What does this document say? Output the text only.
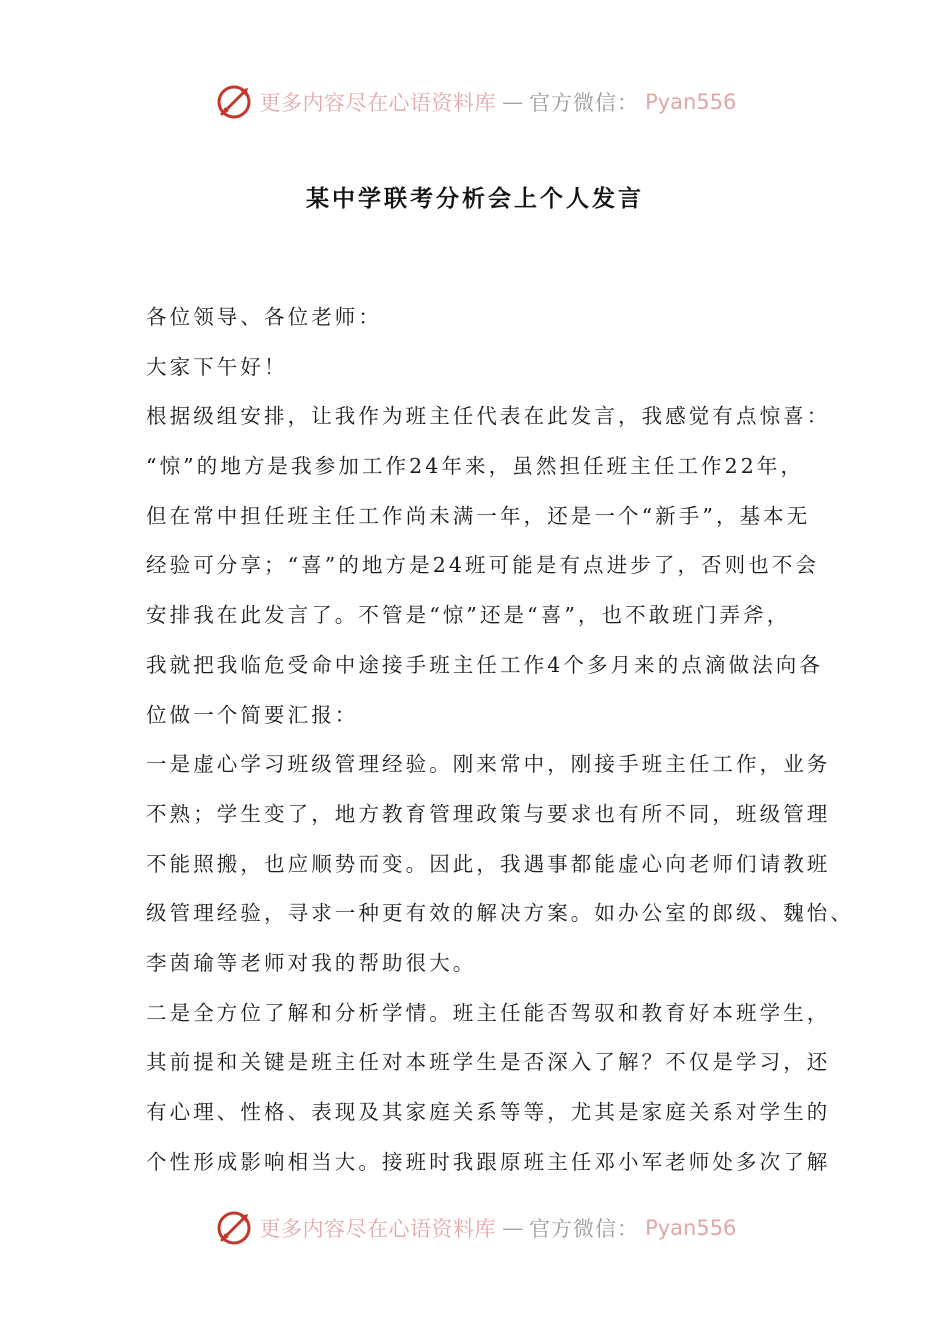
更多内容尽在心语资料库 — 官方微信： Pyan556
某中学联考分析会上个人发言
各位领导、各位老师：
大家下午好！
根据级组安排，让我作为班主任代表在此发言，我感觉有点惊喜：
“惊”的地方是我参加工作24年来，虽然担任班主任工作22年，
但在常中担任班主任工作尚未满一年，还是一个“新手”，基本无
经验可分享；“喜”的地方是24班可能是有点进步了，否则也不会
安排我在此发言了。不管是“惊”还是“喜”，也不敢班门弄斧，
我就把我临危受命中途接手班主任工作4个多月来的点滴做法向各
位做一个简要汇报：
一是虚心学习班级管理经验。刚来常中，刚接手班主任工作，业务
不熟；学生变了，地方教育管理政策与要求也有所不同，班级管理
不能照搬，也应顺势而变。因此，我遇事都能虚心向老师们请教班
级管理经验，寻求一种更有效的解决方案。如办公室的郎级、魏怡、
李茵瑜等老师对我的帮助很大。
二是全方位了解和分析学情。班主任能否驾驭和教育好本班学生，
其前提和关键是班主任对本班学生是否深入了解？不仅是学习，还
有心理、性格、表现及其家庭关系等等，尤其是家庭关系对学生的
个性形成影响相当大。接班时我跟原班主任邓小军老师处多次了解
更多内容尽在心语资料库 — 官方微信： Pyan556
